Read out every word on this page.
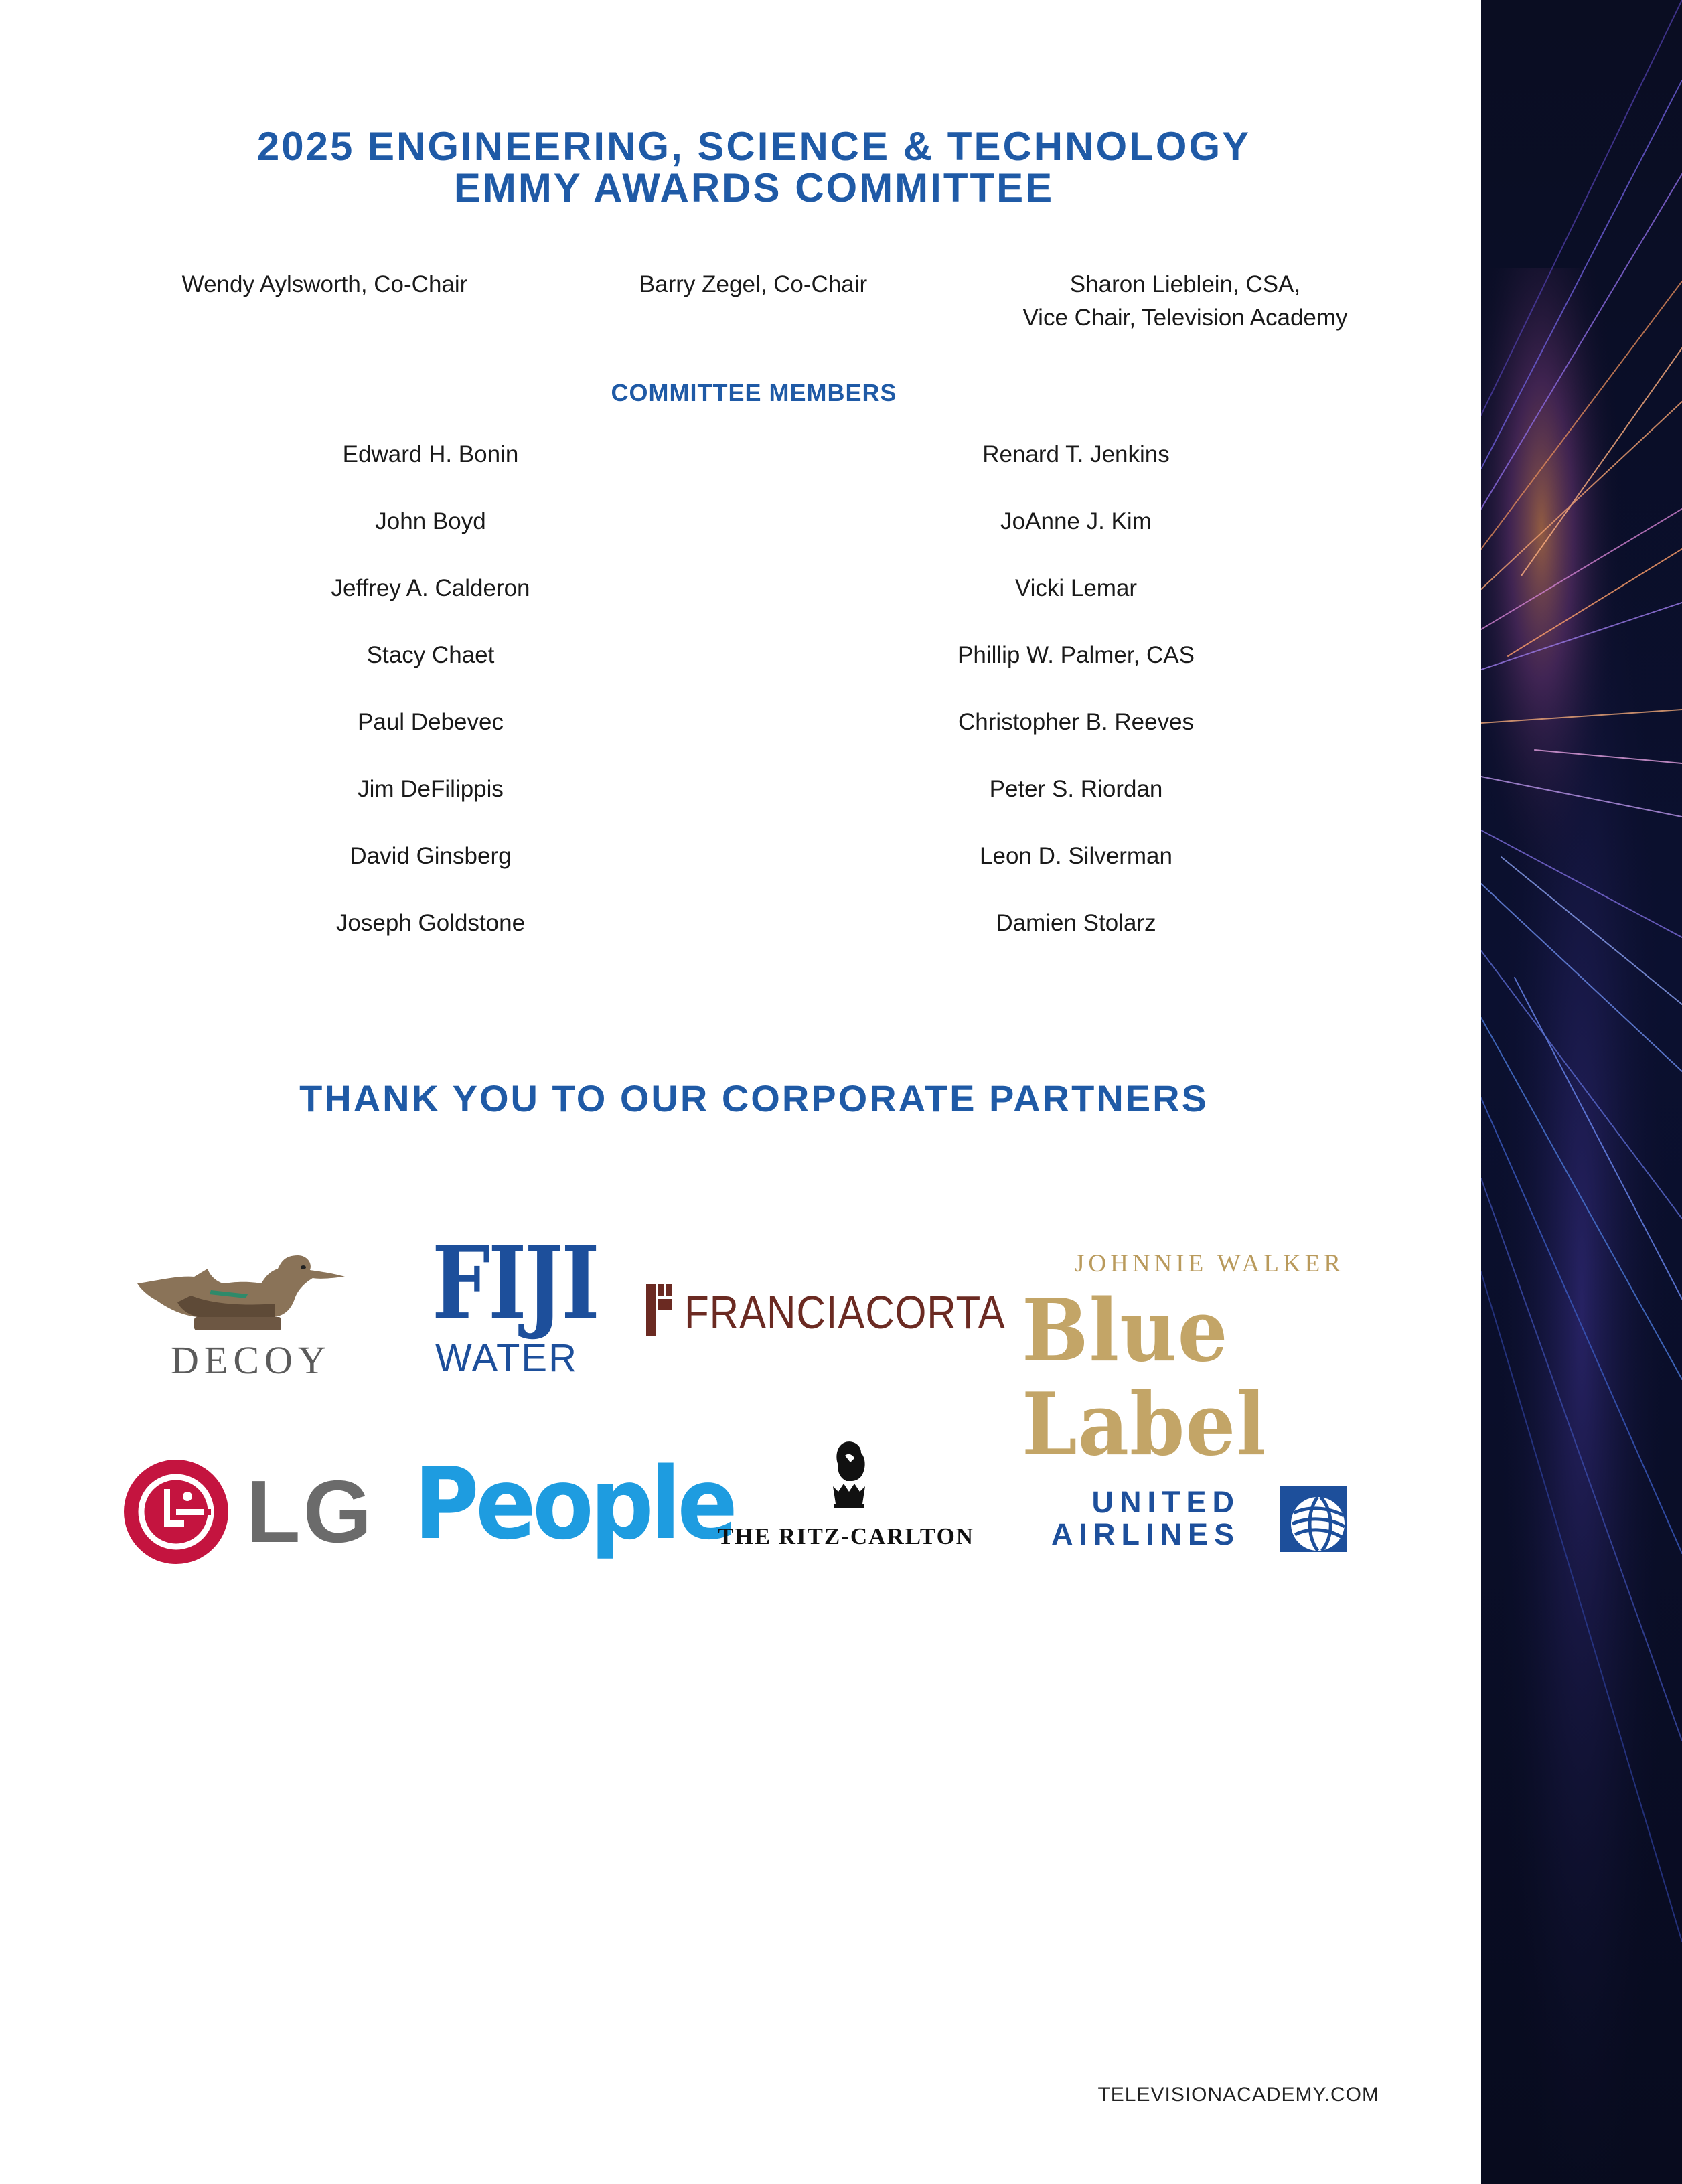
2025 ENGINEERING, SCIENCE & TECHNOLOGY
EMMY AWARDS COMMITTEE
Wendy Aylsworth, Co-Chair	Barry Zegel, Co-Chair	Sharon Lieblein, CSA,
Vice Chair, Television Academy
COMMITTEE MEMBERS
Edward H. Bonin
John Boyd
Jeffrey A. Calderon
Stacy Chaet
Paul Debevec
Jim DeFilippis
David Ginsberg
Joseph Goldstone
Renard T. Jenkins
JoAnne J. Kim
Vicki Lemar
Phillip W. Palmer, CAS
Christopher B. Reeves
Peter S. Riordan
Leon D. Silverman
Damien Stolarz
THANK YOU TO OUR CORPORATE PARTNERS
DECOY
FIJI
WATER
FRANCIACORTA
JOHNNIE WALKER
Blue Label
LG People
THE RITZ-CARLTON
UNITED
AIRLINES
TELEVISIONACADEMY.COM
